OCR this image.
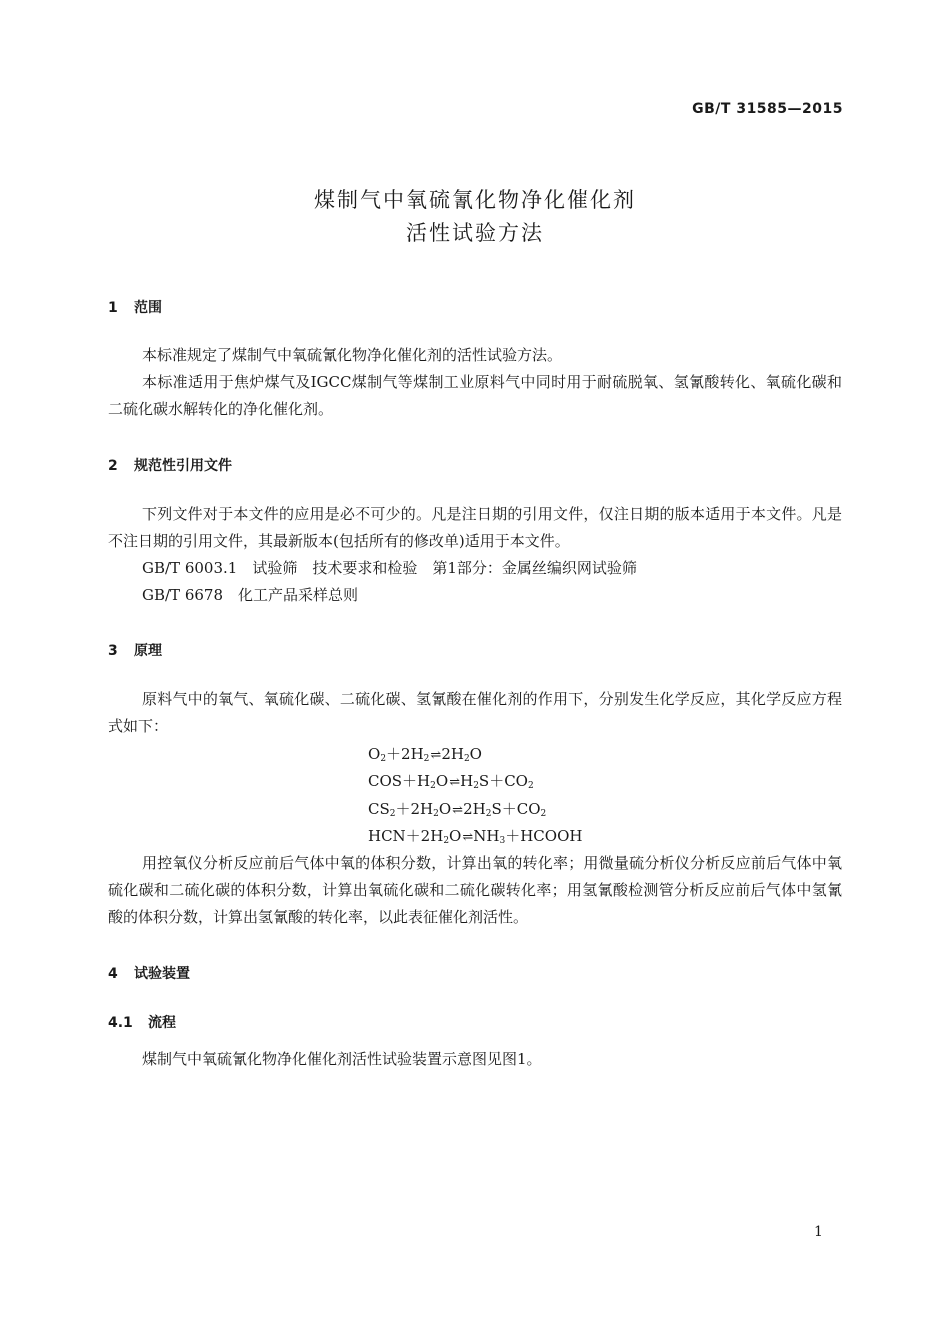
GB/T 31585—2015
煤制气中氧硫氰化物净化催化剂
活性试验方法
1 范围
本标准规定了煤制气中氧硫氰化物净化催化剂的活性试验方法。
本标准适用于焦炉煤气及IGCC煤制气等煤制工业原料气中同时用于耐硫脱氧、氢氰酸转化、氧硫化碳和二硫化碳水解转化的净化催化剂。
2 规范性引用文件
下列文件对于本文件的应用是必不可少的。凡是注日期的引用文件，仅注日期的版本适用于本文件。凡是不注日期的引用文件，其最新版本(包括所有的修改单)适用于本文件。
GB/T 6003.1　试验筛　技术要求和检验　第1部分：金属丝编织网试验筛
GB/T 6678　化工产品采样总则
3 原理
原料气中的氧气、氧硫化碳、二硫化碳、氢氰酸在催化剂的作用下，分别发生化学反应，其化学反应方程式如下：
$O_2+2H_2\rightleftharpoons 2H_2O$
$COS+H_2O\rightleftharpoons H_2S+CO_2$
$CS_2+2H_2O\rightleftharpoons 2H_2S+CO_2$
$HCN+2H_2O\rightleftharpoons NH_3+HCOOH$
用控氧仪分析反应前后气体中氧的体积分数，计算出氧的转化率；用微量硫分析仪分析反应前后气体中氧硫化碳和二硫化碳的体积分数，计算出氧硫化碳和二硫化碳转化率；用氢氰酸检测管分析反应前后气体中氢氰酸的体积分数，计算出氢氰酸的转化率，以此表征催化剂活性。
4 试验装置
4.1 流程
煤制气中氧硫氰化物净化催化剂活性试验装置示意图见图1。
1
